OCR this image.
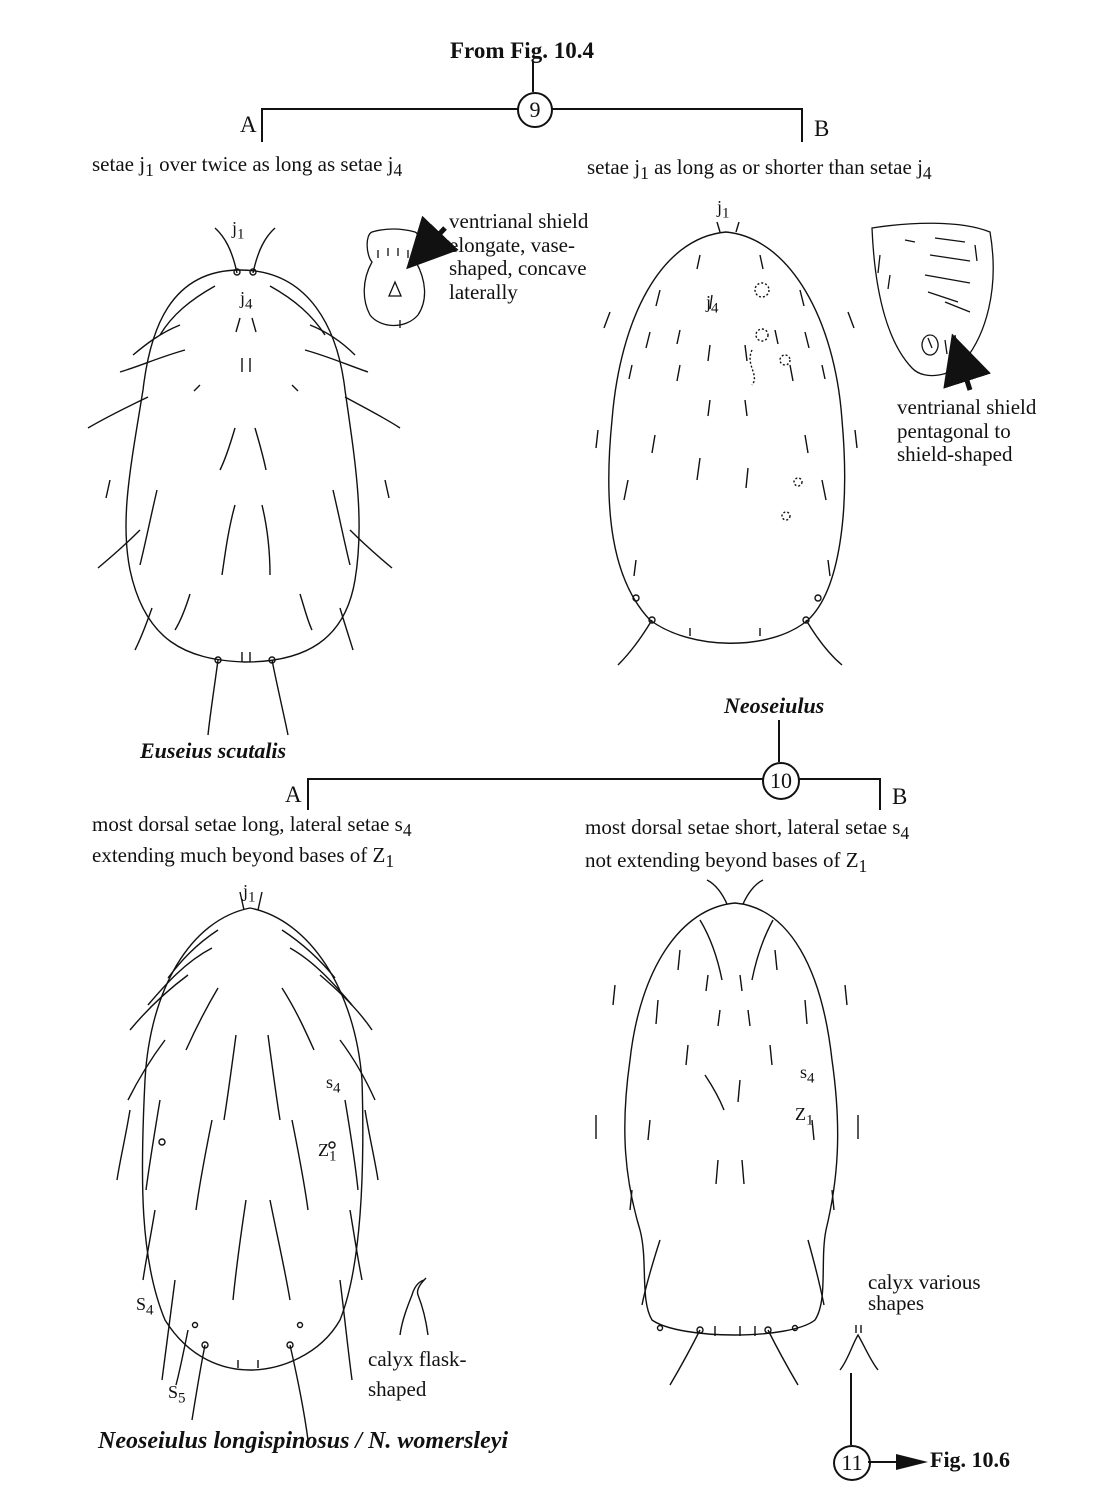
From Fig. 10.4
9
A	B
setae $j_1$ over twice as long as setae $j_4$	setae $j_1$ as long as or shorter than setae $j_4$
$j_1$
$j_4$
$j_1$
$j_4$
ventrianal shield elongate, vase-shaped, concave laterally
ventrianal shield pentagonal to shield-shaped
Euseius scutalis
Neoseiulus
10
A	B
most dorsal setae long, lateral setae $s_4$
extending much beyond bases of $Z_1$
most dorsal setae short, lateral setae $s_4$
not extending beyond bases of $Z_1$
$j_1$
$s_4$
$Z_1$
$S_4$
$S_5$
$s_4$
$Z_1$
calyx flask-shaped
calyx various shapes
Neoseiulus longispinosus / N. womersleyi
11	Fig. 10.6
